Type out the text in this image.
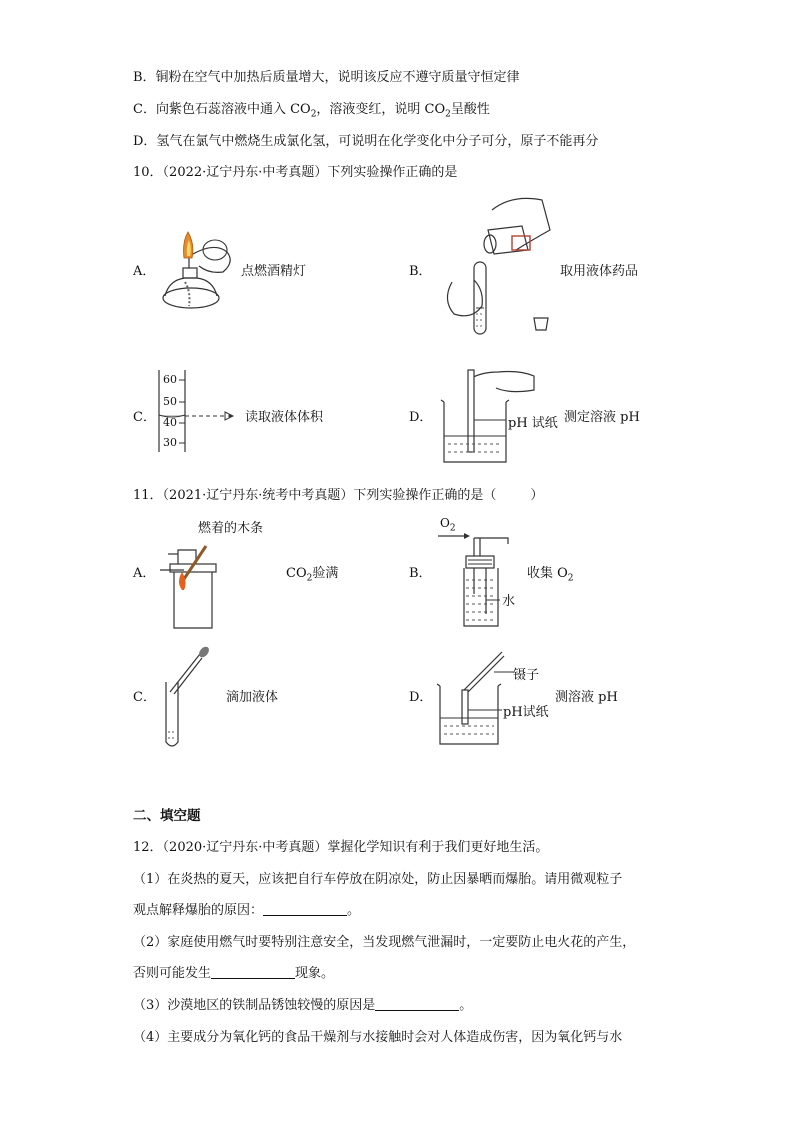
B．铜粉在空气中加热后质量增大，说明该反应不遵守质量守恒定律
C．向紫色石蕊溶液中通入 $CO_2$，溶液变红，说明 $CO_2$呈酸性
D．氢气在氯气中燃烧生成氯化氢，可说明在化学变化中分子可分，原子不能再分
10．（2022·辽宁丹东·中考真题）下列实验操作正确的是
A．	点燃酒精灯	B．	取用液体药品
C．
60
50
40
30
读取液体体积	D．	pH 试纸 测定溶液 pH
11．（2021·辽宁丹东·统考中考真题）下列实验操作正确的是（	）
燃着的木条
A．	$CO_2$验满	B．
$O_2$
水
收集 $O_2$
C．	滴加液体	D．
镊子
pH试纸
测溶液 pH
二、填空题
12．（2020·辽宁丹东·中考真题）掌握化学知识有利于我们更好地生活。
（1）在炎热的夏天，应该把自行车停放在阴凉处，防止因暴晒而爆胎。请用微观粒子
观点解释爆胎的原因：	。
（2）家庭使用燃气时要特别注意安全，当发现燃气泄漏时，一定要防止电火花的产生，
否则可能发生	现象。
（3）沙漠地区的铁制品锈蚀较慢的原因是	。
（4）主要成分为氧化钙的食品干燥剂与水接触时会对人体造成伤害，因为氧化钙与水
